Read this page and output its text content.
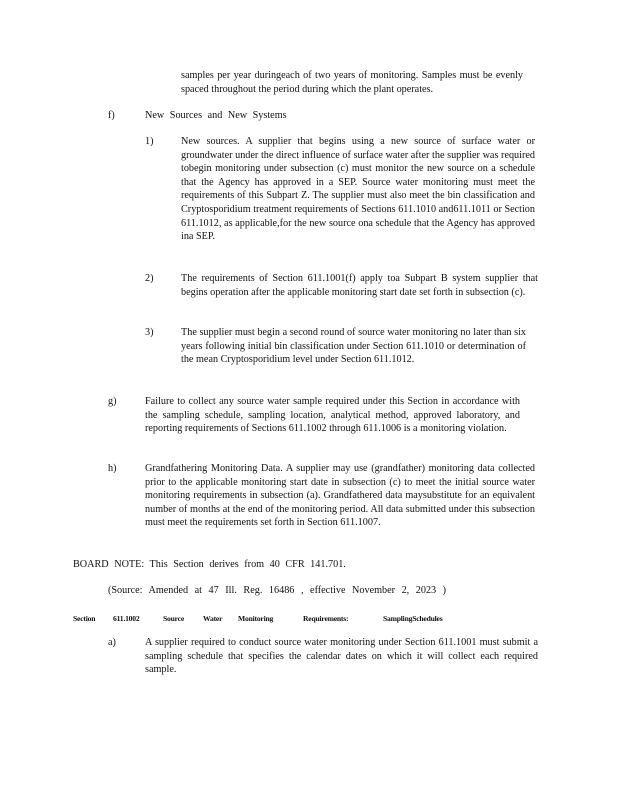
samples per year duringeach of two years of monitoring. Samples must be evenly spaced throughout the period during which the plant operates.
f)	New Sources and New Systems
1)	New sources. A supplier that begins using a new source of surface water or groundwater under the direct influence of surface water after the supplier was required tobegin monitoring under subsection (c) must monitor the new source on a schedule that the Agency has approved in a SEP. Source water monitoring must meet the requirements of this Subpart Z. The supplier must also meet the bin classification and Cryptosporidium treatment requirements of Sections 611.1010 and611.1011 or Section 611.1012, as applicable,for the new source ona schedule that the Agency has approved ina SEP.
2)	The requirements of Section 611.1001(f) apply toa Subpart B system supplier that begins operation after the applicable monitoring start date set forth in subsection (c).
3)	The supplier must begin a second round of source water monitoring no later than six years following initial bin classification under Section 611.1010 or determination of the mean Cryptosporidium level under Section 611.1012.
g)	Failure to collect any source water sample required under this Section in accordance with the sampling schedule, sampling location, analytical method, approved laboratory, and reporting requirements of Sections 611.1002 through 611.1006 is a monitoring violation.
h)	Grandfathering Monitoring Data. A supplier may use (grandfather) monitoring data collected prior to the applicable monitoring start date in subsection (c) to meet the initial source water monitoring requirements in subsection (a). Grandfathered data maysubstitute for an equivalent number of months at the end of the monitoring period. All data submitted under this subsection must meet the requirements set forth in Section 611.1007.
BOARD NOTE: This Section derives from 40 CFR 141.701.
(Source: Amended at 47 Ill. Reg. 16486 , effective November 2, 2023 )
Section 611.1002	Source Water Monitoring	Requirements:	SamplingSchedules
a)	A supplier required to conduct source water monitoring under Section 611.1001 must submit a sampling schedule that specifies the calendar dates on which it will collect each required sample.
